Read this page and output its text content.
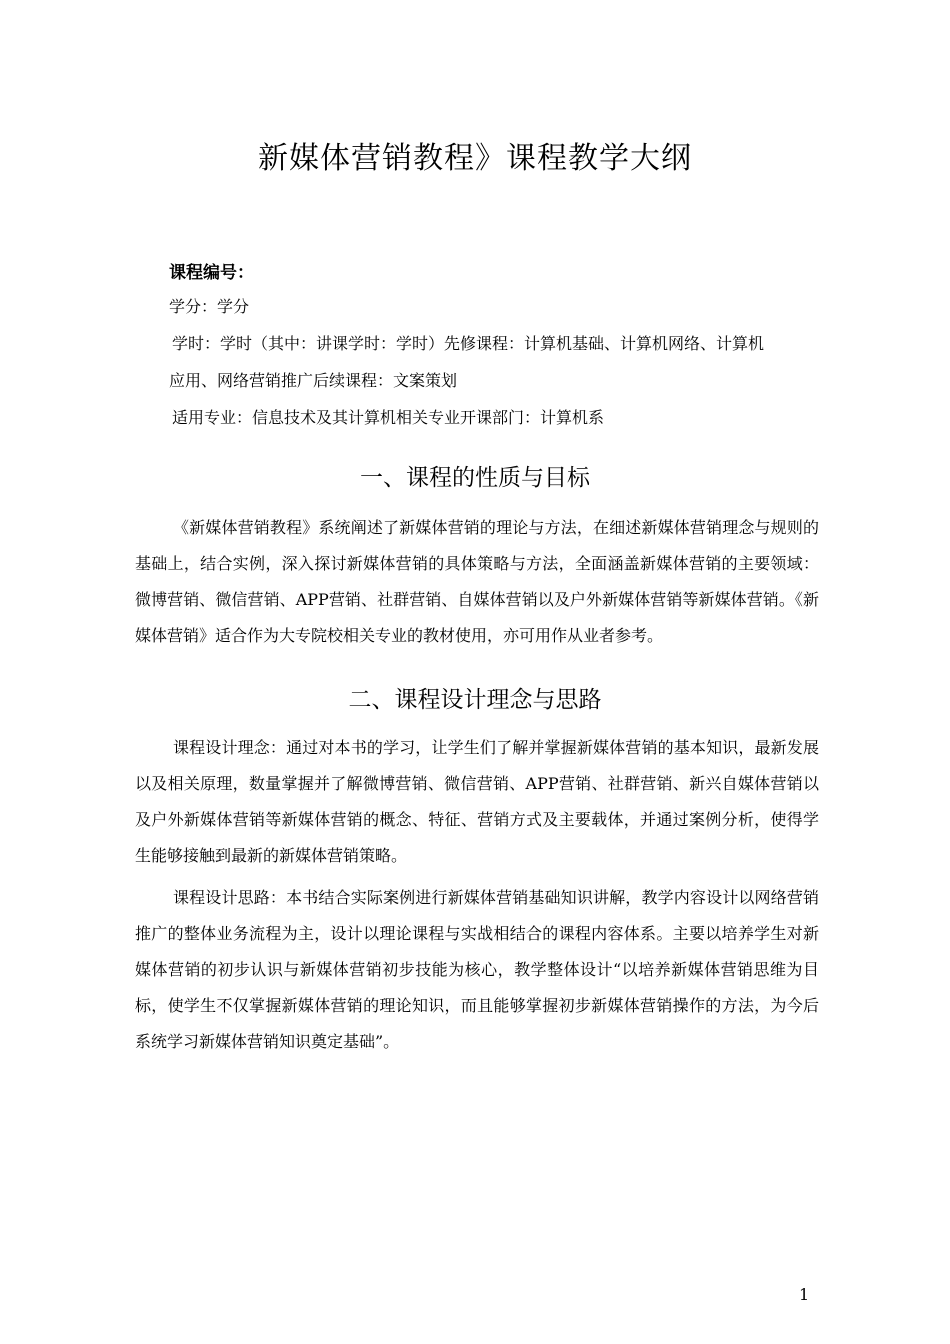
新媒体营销教程》课程教学大纲

课程编号：

学分：学分

学时：学时（其中：讲课学时：学时）先修课程：计算机基础、计算机网络、计算机

应用、网络营销推广后续课程：文案策划

适用专业：信息技术及其计算机相关专业开课部门：计算机系

一、课程的性质与目标

《新媒体营销教程》系统阐述了新媒体营销的理论与方法，在细述新媒体营销理念与规则的基础上，结合实例，深入探讨新媒体营销的具体策略与方法，全面涵盖新媒体营销的主要领域：微博营销、微信营销、APP营销、社群营销、自媒体营销以及户外新媒体营销等新媒体营销。《新媒体营销》适合作为大专院校相关专业的教材使用，亦可用作从业者参考。

二、课程设计理念与思路

课程设计理念：通过对本书的学习，让学生们了解并掌握新媒体营销的基本知识，最新发展以及相关原理，数量掌握并了解微博营销、微信营销、APP营销、社群营销、新兴自媒体营销以及户外新媒体营销等新媒体营销的概念、特征、营销方式及主要载体，并通过案例分析，使得学生能够接触到最新的新媒体营销策略。

课程设计思路：本书结合实际案例进行新媒体营销基础知识讲解，教学内容设计以网络营销推广的整体业务流程为主，设计以理论课程与实战相结合的课程内容体系。主要以培养学生对新媒体营销的初步认识与新媒体营销初步技能为核心，教学整体设计“以培养新媒体营销思维为目标，使学生不仅掌握新媒体营销的理论知识，而且能够掌握初步新媒体营销操作的方法，为今后系统学习新媒体营销知识奠定基础”。

1
